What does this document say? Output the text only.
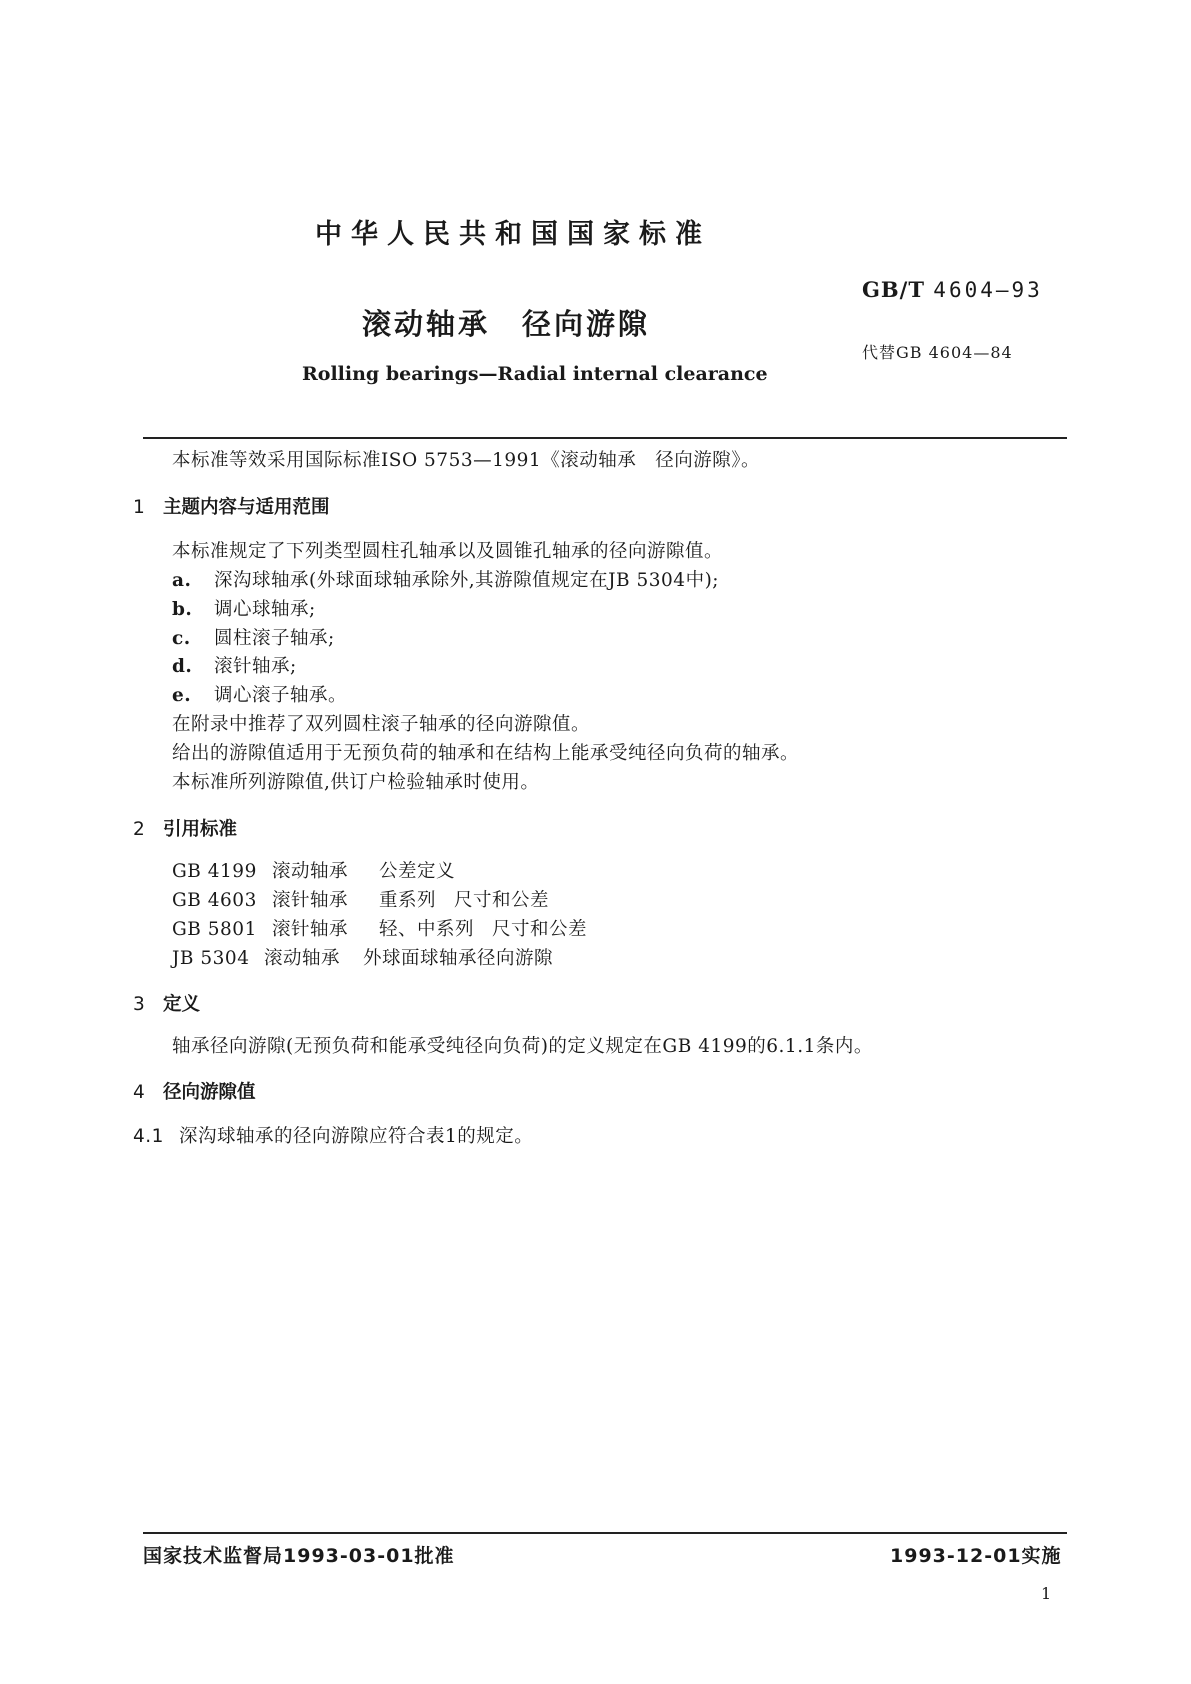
中华人民共和国国家标准
GB/T 4604—93
滚动轴承　径向游隙
代替GB 4604—84
Rolling bearings—Radial internal clearance
本标准等效采用国际标准ISO 5753—1991《滚动轴承　径向游隙》。
1 主题内容与适用范围
本标准规定了下列类型圆柱孔轴承以及圆锥孔轴承的径向游隙值。
a. 深沟球轴承(外球面球轴承除外,其游隙值规定在JB 5304中);
b. 调心球轴承;
c. 圆柱滚子轴承;
d. 滚针轴承;
e. 调心滚子轴承。
在附录中推荐了双列圆柱滚子轴承的径向游隙值。
给出的游隙值适用于无预负荷的轴承和在结构上能承受纯径向负荷的轴承。
本标准所列游隙值,供订户检验轴承时使用。
2 引用标准
GB 4199 滚动轴承 公差定义
GB 4603 滚针轴承 重系列 尺寸和公差
GB 5801 滚针轴承 轻、中系列 尺寸和公差
JB 5304 滚动轴承 外球面球轴承径向游隙
3 定义
轴承径向游隙(无预负荷和能承受纯径向负荷)的定义规定在GB 4199的6.1.1条内。
4 径向游隙值
4.1 深沟球轴承的径向游隙应符合表1的规定。
国家技术监督局1993-03-01批准	1993-12-01实施
1
